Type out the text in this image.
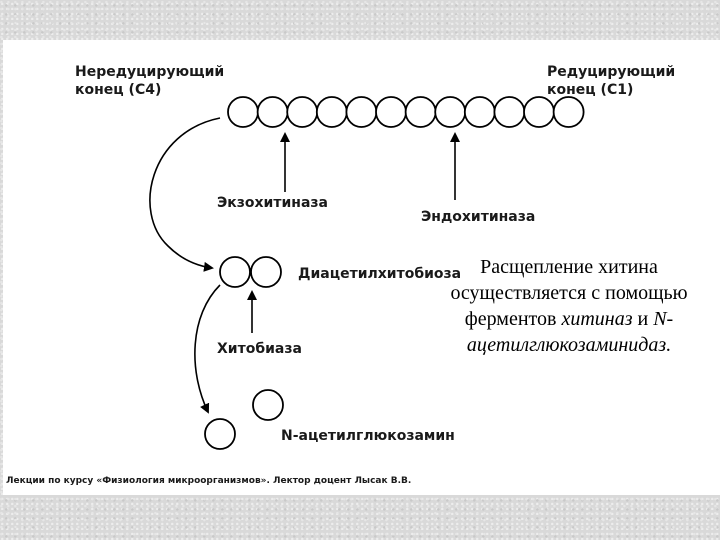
Нередуцирующий
конец (С4)
Редуцирующий
конец (С1)
Экзохитиназа
Эндохитиназа
Диацетилхитобиоза
Хитобиаза
N-ацетилглюкозамин
Расщепление хитина осуществляется с помощью ферментов хитиназ и N-ацетилглюкозаминидаз.
Лекции по курсу «Физиология микроорганизмов». Лектор доцент Лысак В.В.
